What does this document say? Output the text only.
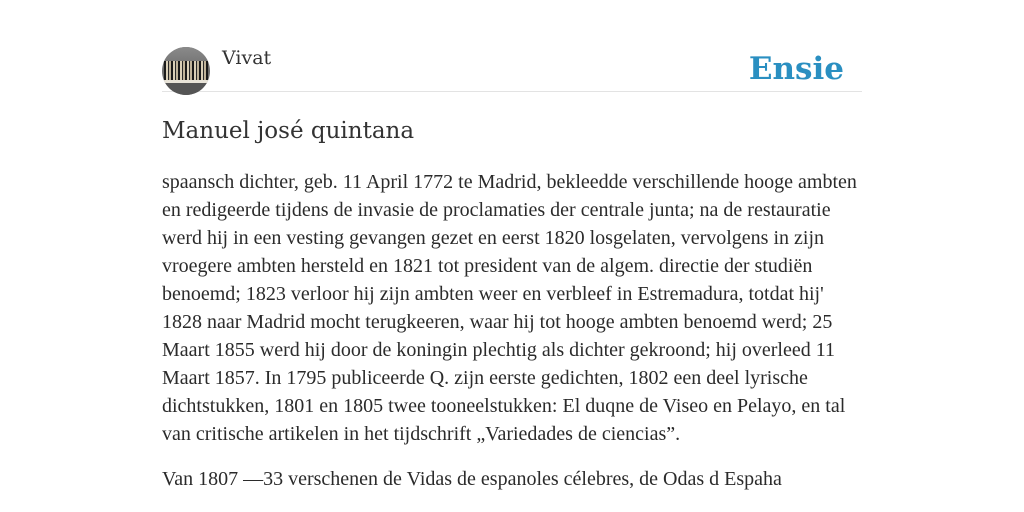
Vivat	Ensie
Manuel josé quintana

spaansch dichter, geb. 11 April 1772 te Madrid, bekleedde verschillende hooge ambten en redigeerde tijdens de invasie de proclamaties der centrale junta; na de restauratie werd hij in een vesting gevangen gezet en eerst 1820 losgelaten, vervolgens in zijn vroegere ambten hersteld en 1821 tot president van de algem. directie der studiën benoemd; 1823 verloor hij zijn ambten weer en verbleef in Estremadura, totdat hij' 1828 naar Madrid mocht terugkeeren, waar hij tot hooge ambten benoemd werd; 25 Maart 1855 werd hij door de koningin plechtig als dichter gekroond; hij overleed 11 Maart 1857. In 1795 publiceerde Q. zijn eerste gedichten, 1802 een deel lyrische dichtstukken, 1801 en 1805 twee tooneelstukken: El duqne de Viseo en Pelayo, en tal van critische artikelen in het tijdschrift „Variedades de ciencias”.

Van 1807 —33 verschenen de Vidas de espanoles célebres, de Odas d Espaha
